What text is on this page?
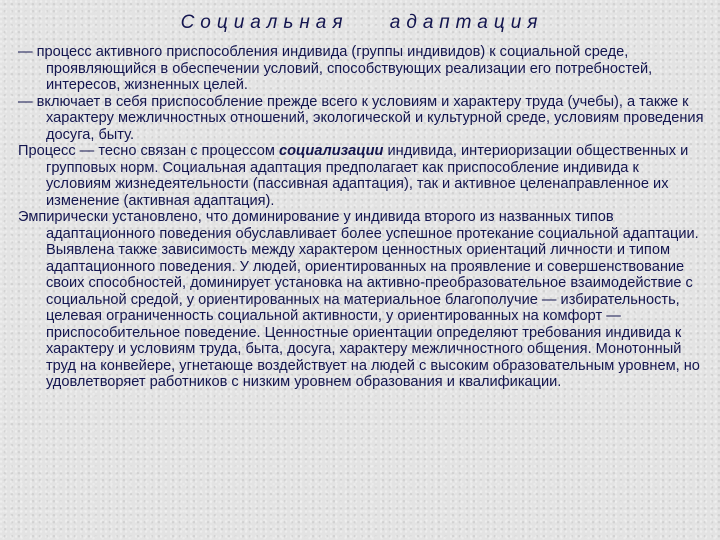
Социальная адаптация

— процесс активного приспособления индивида (группы индивидов) к социальной среде, проявляющийся в обеспечении условий, способствующих реализации его потребностей, интересов, жизненных целей.

— включает в себя приспособление прежде всего к условиям и характеру труда (учебы), а также к характеру межличностных отношений, экологической и культурной среде, условиям проведения досуга, быту.

Процесс — тесно связан с процессом социализации индивида, интериоризации общественных и групповых норм. Социальная адаптация предполагает как приспособление индивида к условиям жизнедеятельности (пассивная адаптация), так и активное целенаправленное их изменение (активная адаптация).

Эмпирически установлено, что доминирование у индивида второго из названных типов адаптационного поведения обуславливает более успешное протекание социальной адаптации. Выявлена также зависимость между характером ценностных ориентаций личности и типом адаптационного поведения. У людей, ориентированных на проявление и совершенствование своих способностей, доминирует установка на активно-преобразовательное взаимодействие с социальной средой, у ориентированных на материальное благополучие — избирательность, целевая ограниченность социальной активности, у ориентированных на комфорт — приспособительное поведение. Ценностные ориентации определяют требования индивида к характеру и условиям труда, быта, досуга, характеру межличностного общения. Монотонный труд на конвейере, угнетающе воздействует на людей с высоким образовательным уровнем, но удовлетворяет работников с низким уровнем образования и квалификации.
